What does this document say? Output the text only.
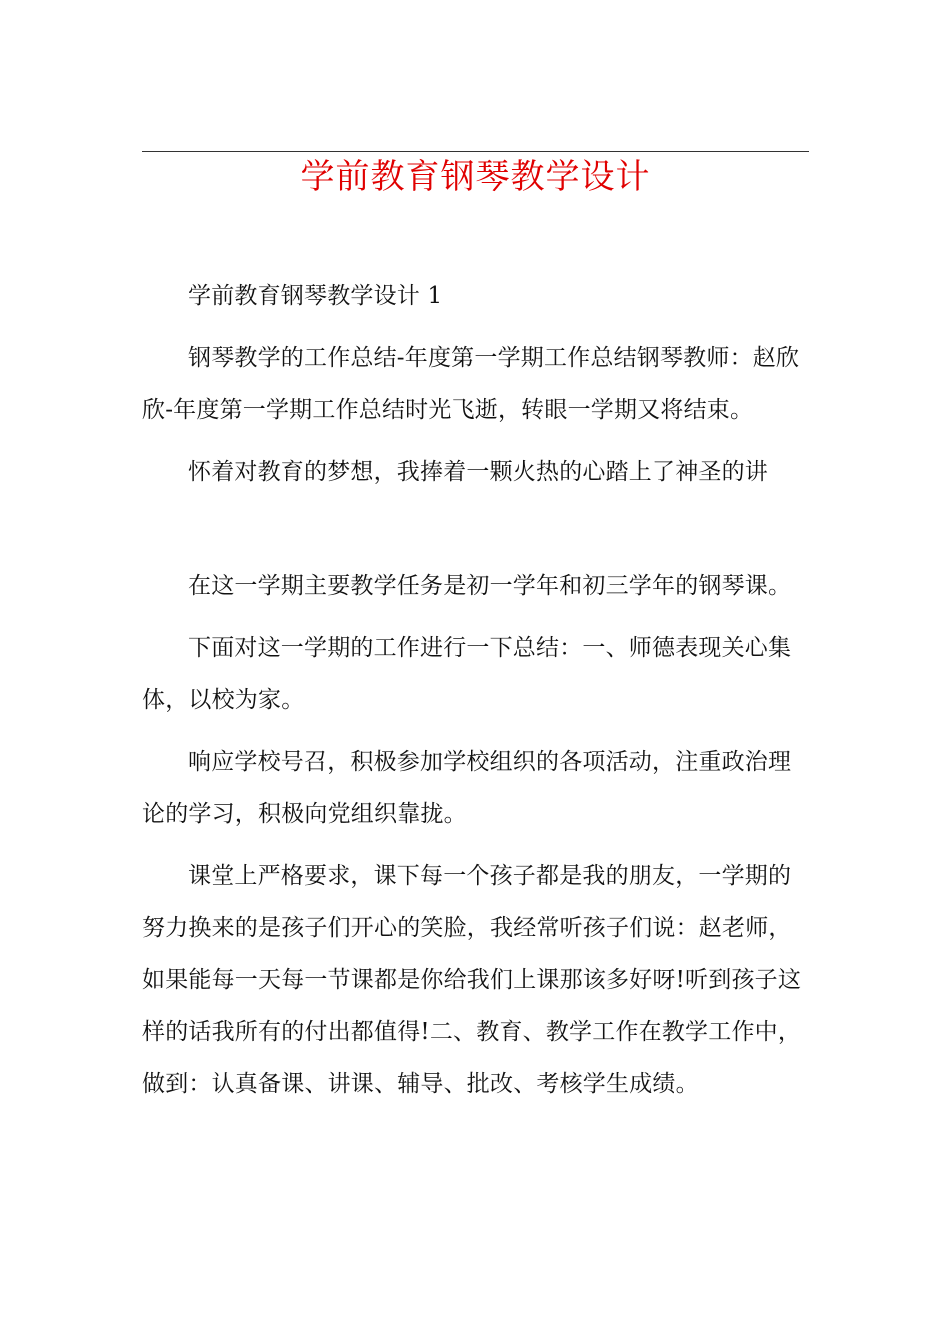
学前教育钢琴教学设计

学前教育钢琴教学设计 1

钢琴教学的工作总结-年度第一学期工作总结钢琴教师：赵欣欣-年度第一学期工作总结时光飞逝，转眼一学期又将结束。

怀着对教育的梦想，我捧着一颗火热的心踏上了神圣的讲

在这一学期主要教学任务是初一学年和初三学年的钢琴课。

下面对这一学期的工作进行一下总结：一、师德表现关心集体，以校为家。

响应学校号召，积极参加学校组织的各项活动，注重政治理论的学习，积极向党组织靠拢。

课堂上严格要求，课下每一个孩子都是我的朋友，一学期的努力换来的是孩子们开心的笑脸，我经常听孩子们说：赵老师，如果能每一天每一节课都是你给我们上课那该多好呀!听到孩子这样的话我所有的付出都值得!二、教育、教学工作在教学工作中，做到：认真备课、讲课、辅导、批改、考核学生成绩。
